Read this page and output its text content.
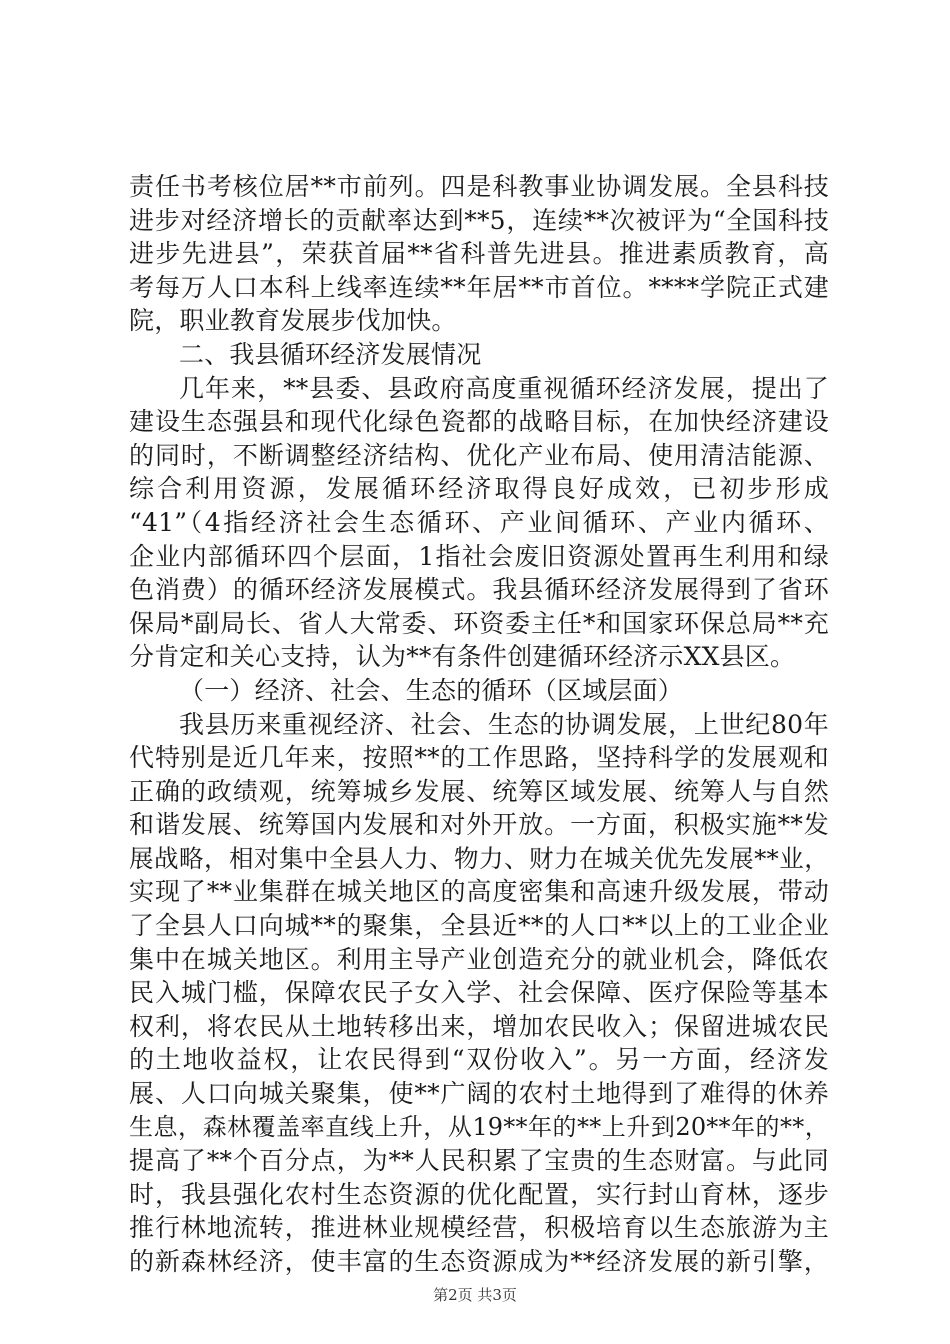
责任书考核位居**市前列。四是科教事业协调发展。全县科技
进步对经济增长的贡献率达到**5，连续**次被评为“全国科技
进步先进县”，荣获首届**省科普先进县。推进素质教育，高
考每万人口本科上线率连续**年居**市首位。****学院正式建
院，职业教育发展步伐加快。
二、我县循环经济发展情况
几年来，**县委、县政府高度重视循环经济发展，提出了
建设生态强县和现代化绿色瓷都的战略目标，在加快经济建设
的同时，不断调整经济结构、优化产业布局、使用清洁能源、
综合利用资源，发展循环经济取得良好成效，已初步形成
“41”（4指经济社会生态循环、产业间循环、产业内循环、
企业内部循环四个层面，1指社会废旧资源处置再生利用和绿
色消费）的循环经济发展模式。我县循环经济发展得到了省环
保局*副局长、省人大常委、环资委主任*和国家环保总局**充
分肯定和关心支持，认为**有条件创建循环经济示XX县区。
（一）经济、社会、生态的循环（区域层面）
我县历来重视经济、社会、生态的协调发展，上世纪80年
代特别是近几年来，按照**的工作思路，坚持科学的发展观和
正确的政绩观，统筹城乡发展、统筹区域发展、统筹人与自然
和谐发展、统筹国内发展和对外开放。一方面，积极实施**发
展战略，相对集中全县人力、物力、财力在城关优先发展**业，
实现了**业集群在城关地区的高度密集和高速升级发展，带动
了全县人口向城**的聚集，全县近**的人口**以上的工业企业
集中在城关地区。利用主导产业创造充分的就业机会，降低农
民入城门槛，保障农民子女入学、社会保障、医疗保险等基本
权利，将农民从土地转移出来，增加农民收入；保留进城农民
的土地收益权，让农民得到“双份收入”。另一方面，经济发
展、人口向城关聚集，使**广阔的农村土地得到了难得的休养
生息，森林覆盖率直线上升，从19**年的**上升到20**年的**，
提高了**个百分点，为**人民积累了宝贵的生态财富。与此同
时，我县强化农村生态资源的优化配置，实行封山育林，逐步
推行林地流转，推进林业规模经营，积极培育以生态旅游为主
的新森林经济，使丰富的生态资源成为**经济发展的新引擎，
第2页 共3页
